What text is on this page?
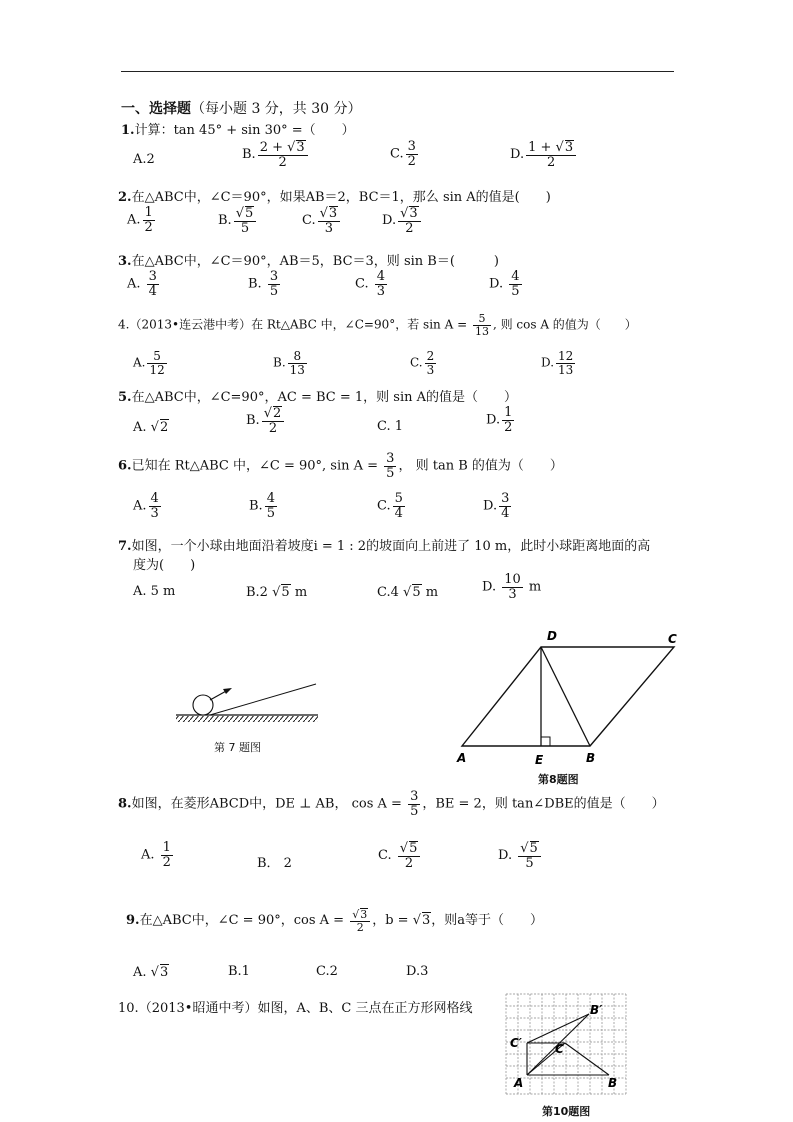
一、选择题（每小题 3 分，共 30 分）
1.计算：tan 45° + sin 30° =（　　）
A.2	B. $\frac{2 + √3}{2}$	C. $\frac{3}{2}$	D. $\frac{1 + √3}{2}$
2.在△ABC中，∠C＝90°，如果AB＝2，BC＝1，那么 sin A的值是(　　)
A. $\frac{1}{2}$	B. $\frac{√5}{5}$	C. $\frac{√3}{3}$	D. $\frac{√3}{2}$
3.在△ABC中，∠C＝90°，AB＝5，BC＝3，则 sin B＝(　　　)
A. $\frac{3}{4}$	B. $\frac{3}{5}$	C. $\frac{4}{3}$	D. $\frac{4}{5}$
4.（2013•连云港中考）在 Rt△ABC 中，∠C=90°，若 $\sin A = \frac{5}{13}$ , 则 cos A 的值为（　　）
A. $\frac{5}{12}$	B. $\frac{8}{13}$	C. $\frac{2}{3}$	D. $\frac{12}{13}$
5.在△ABC中，∠C=90°，AC = BC = 1，则 sin A的值是（　　）
A. √2	B. $\frac{√2}{2}$	C. 1	D. $\frac{1}{2}$
6.已知在 Rt△ABC 中，∠C = 90°, $\sin A = \frac{3}{5}$ ， 则 tan B 的值为（　　）
A. $\frac{4}{3}$	B. $\frac{4}{5}$	C. $\frac{5}{4}$	D. $\frac{3}{4}$
7.如图，一个小球由地面沿着坡度i = 1 : 2的坡面向上前进了 10 m，此时小球距离地面的高
度为(　　)
A. 5 m	B.2 √5 m	C.4 √5 m	D. $\frac{10}{3}$ m
第 7 题图
D	C
A	E	B
第8题图
8.如图，在菱形ABCD中，DE ⊥ AB， $\cos A = \frac{3}{5}$ ，BE = 2，则 tan∠DBE的值是（　　）
A. $\frac{1}{2}$	B． 2
C. $\frac{√5}{2}$	D. $\frac{√5}{5}$
9.在△ABC中，∠C = 90°，$\cos A = \frac{√3}{2}$ ，b = √3，则a等于（　　）
A. √3	B.1	C.2	D.3
10.（2013•昭通中考）如图，A、B、C 三点在正方形网格线	B′
C′	C
A	B
第10题图
